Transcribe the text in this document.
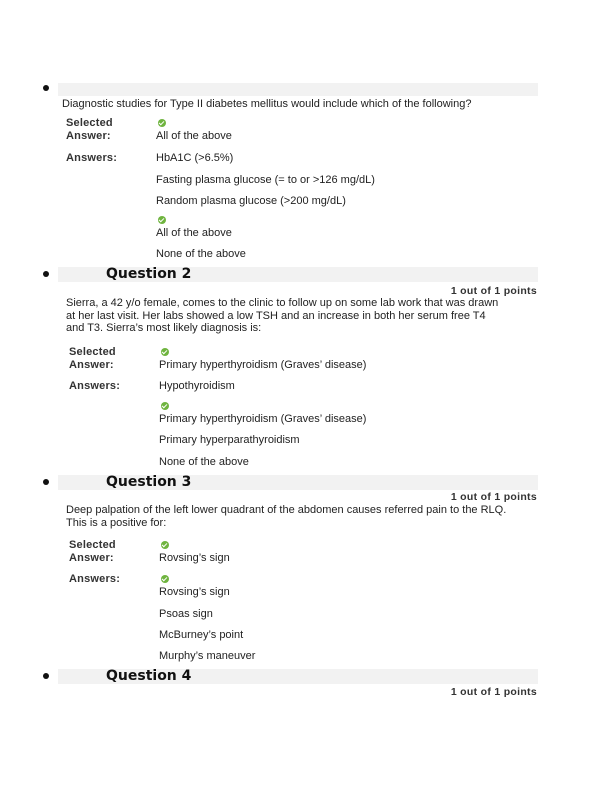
Diagnostic studies for Type II diabetes mellitus would include which of the following?
Selected
Answer:	All of the above
Answers:	HbA1C (>6.5%)
Fasting plasma glucose (= to or >126 mg/dL)
Random plasma glucose (>200 mg/dL)
All of the above
None of the above
Question 2
1 out of 1 points
Sierra, a 42 y/o female, comes to the clinic to follow up on some lab work that was drawn at her last visit. Her labs showed a low TSH and an increase in both her serum free T4 and T3. Sierra’s most likely diagnosis is:
Selected
Answer:	Primary hyperthyroidism (Graves’ disease)
Answers:	Hypothyroidism
Primary hyperthyroidism (Graves’ disease)
Primary hyperparathyroidism
None of the above
Question 3
1 out of 1 points
Deep palpation of the left lower quadrant of the abdomen causes referred pain to the RLQ. This is a positive for:
Selected
Answer:	Rovsing’s sign
Answers:
Rovsing’s sign
Psoas sign
McBurney’s point
Murphy’s maneuver
Question 4
1 out of 1 points
